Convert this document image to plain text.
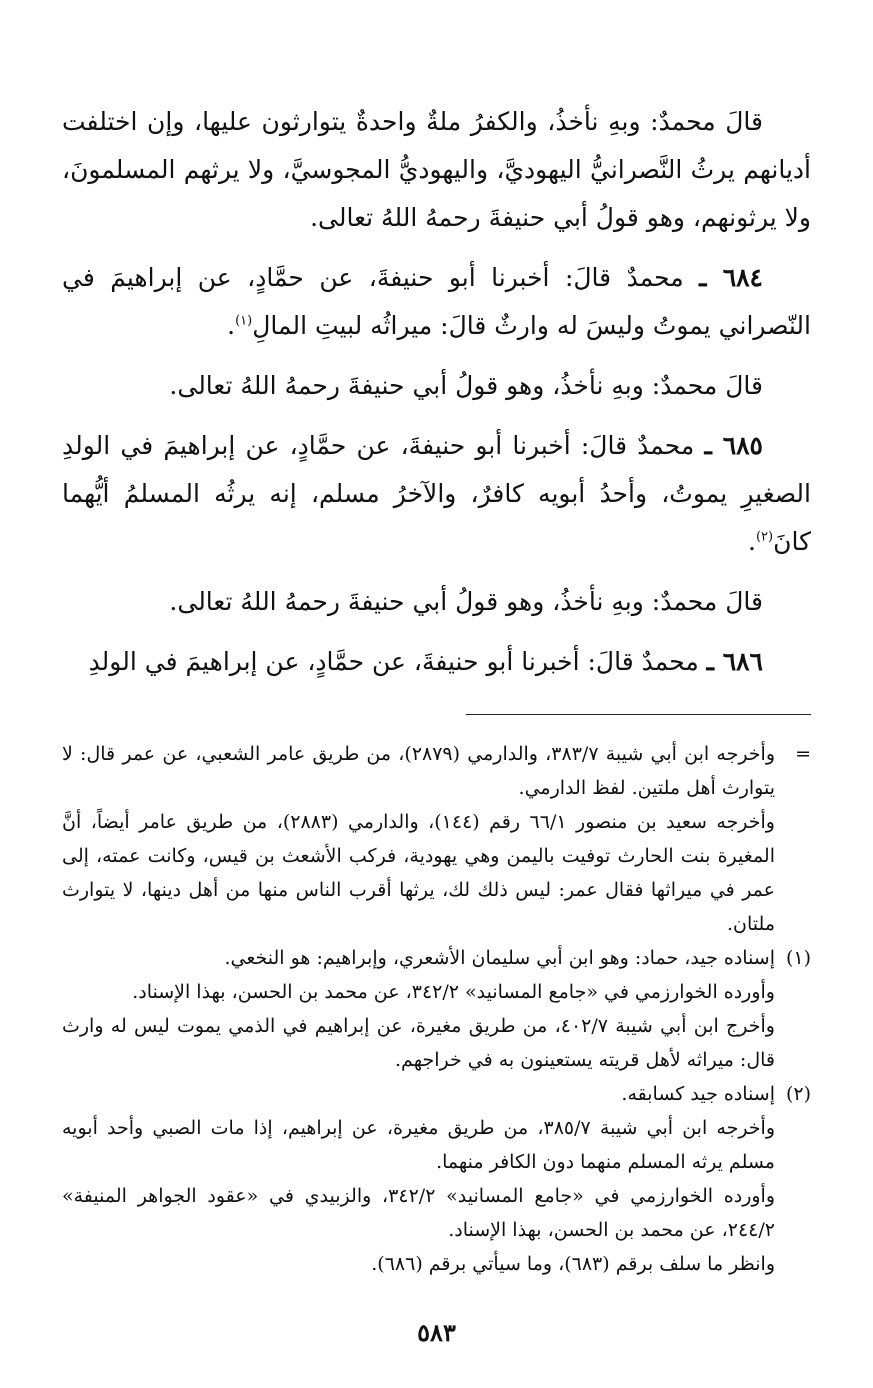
قالَ محمدٌ: وبهِ نأخذُ، والكفرُ ملةٌ واحدةٌ يتوارثون عليها، وإن اختلفت أديانهم يرثُ النَّصرانيُّ اليهوديَّ، واليهوديُّ المجوسيَّ، ولا يرثهم المسلمونَ، ولا يرثونهم، وهو قولُ أبي حنيفةَ رحمهُ اللهُ تعالى.

٦٨٤ ـ محمدٌ قالَ: أخبرنا أبو حنيفةَ، عن حمَّادٍ، عن إبراهيمَ في النّصراني يموتُ وليسَ له وارثٌ قالَ: ميراثُه لبيتِ المالِ$^{(١)}$.

قالَ محمدٌ: وبهِ نأخذُ، وهو قولُ أبي حنيفةَ رحمهُ اللهُ تعالى.

٦٨٥ ـ محمدٌ قالَ: أخبرنا أبو حنيفةَ، عن حمَّادٍ، عن إبراهيمَ في الولدِ الصغيرِ يموتُ، وأحدُ أبويه كافرٌ، والآخرُ مسلم، إنه يرثُه المسلمُ أيُّهما كانَ$^{(٢)}$.

قالَ محمدٌ: وبهِ نأخذُ، وهو قولُ أبي حنيفةَ رحمهُ اللهُ تعالى.

٦٨٦ ـ محمدٌ قالَ: أخبرنا أبو حنيفةَ، عن حمَّادٍ، عن إبراهيمَ في الولدِ

=

وأخرجه ابن أبي شيبة ٣٨٣/٧، والدارمي (٢٨٧٩)، من طريق عامر الشعبي، عن عمر قال: لا يتوارث أهل ملتين. لفظ الدارمي.

وأخرجه سعيد بن منصور ٦٦/١ رقم (١٤٤)، والدارمي (٢٨٨٣)، من طريق عامر أيضاً، أنَّ المغيرة بنت الحارث توفيت باليمن وهي يهودية، فركب الأشعث بن قيس، وكانت عمته، إلى عمر في ميراثها فقال عمر: ليس ذلك لك، يرثها أقرب الناس منها من أهل دينها، لا يتوارث ملتان.

(١)

إسناده جيد، حماد: وهو ابن أبي سليمان الأشعري، وإبراهيم: هو النخعي.

وأورده الخوارزمي في «جامع المسانيد» ٣٤٢/٢، عن محمد بن الحسن، بهذا الإسناد.

وأخرج ابن أبي شيبة ٤٠٢/٧، من طريق مغيرة، عن إبراهيم في الذمي يموت ليس له وارث قال: ميراثه لأهل قريته يستعينون به في خراجهم.

(٢)

إسناده جيد كسابقه.

وأخرجه ابن أبي شيبة ٣٨٥/٧، من طريق مغيرة، عن إبراهيم، إذا مات الصبي وأحد أبويه مسلم يرثه المسلم منهما دون الكافر منهما.

وأورده الخوارزمي في «جامع المسانيد» ٣٤٢/٢، والزبيدي في «عقود الجواهر المنيفة» ٢٤٤/٢، عن محمد بن الحسن، بهذا الإسناد.

وانظر ما سلف برقم (٦٨٣)، وما سيأتي برقم (٦٨٦).

٥٨٣
